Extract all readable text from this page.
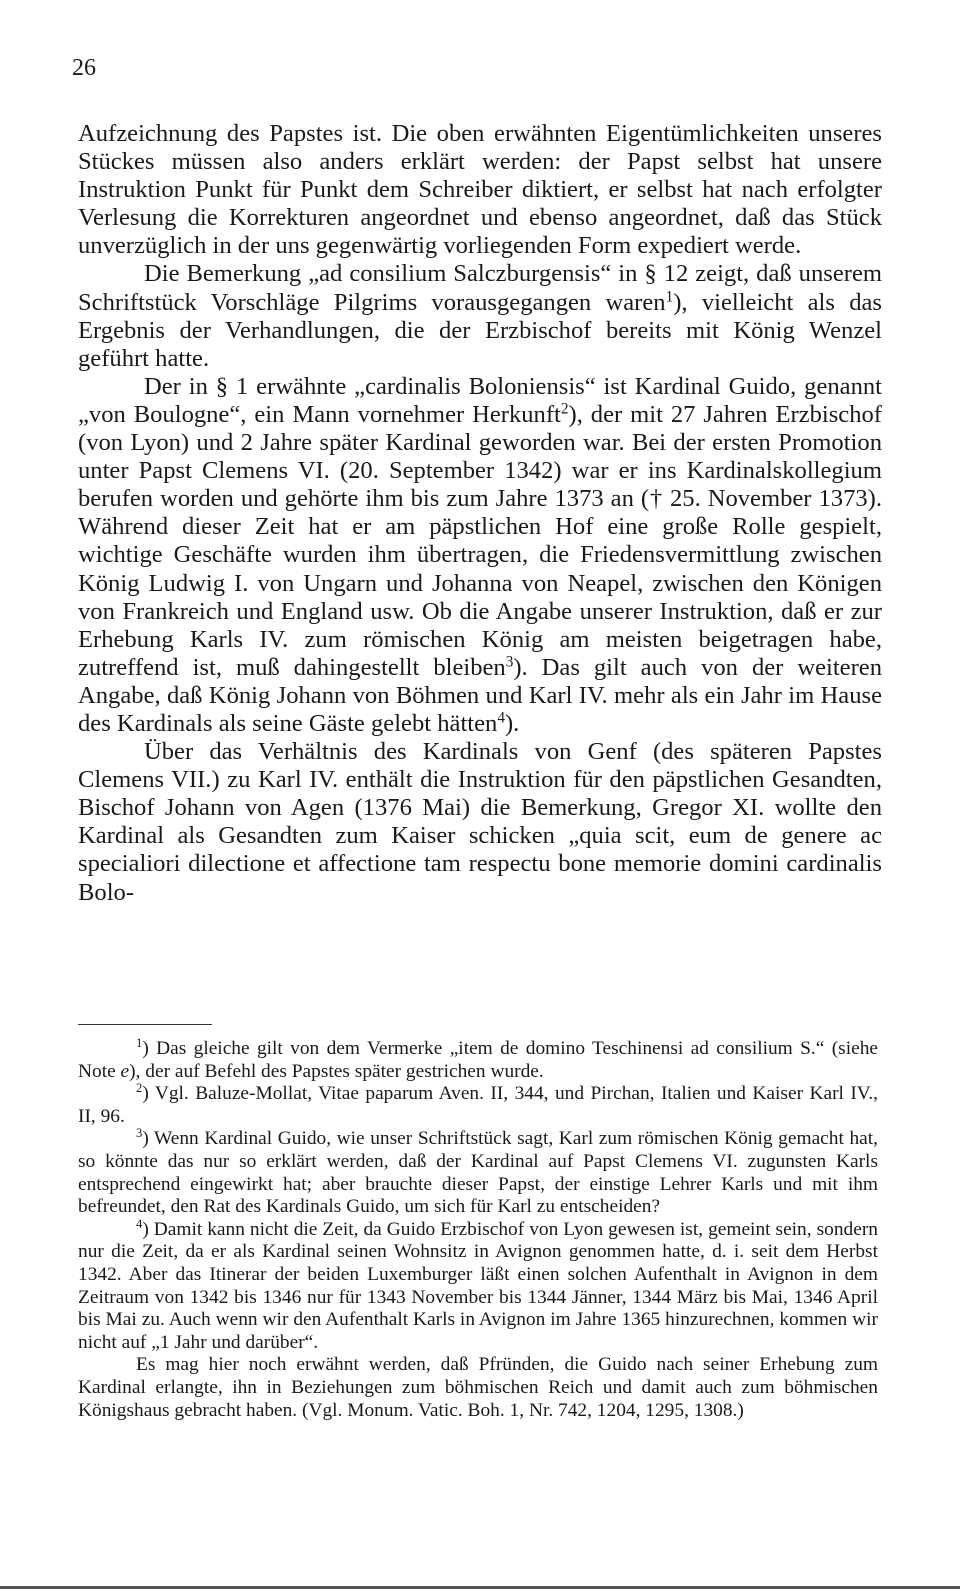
26

Aufzeichnung des Papstes ist. Die oben erwähnten Eigentümlichkeiten unseres Stückes müssen also anders erklärt werden: der Papst selbst hat unsere Instruktion Punkt für Punkt dem Schreiber diktiert, er selbst hat nach erfolgter Verlesung die Korrekturen angeordnet und ebenso angeordnet, daß das Stück unverzüglich in der uns gegenwärtig vorliegenden Form expediert werde.

Die Bemerkung „ad consilium Salczburgensis“ in § 12 zeigt, daß unserem Schriftstück Vorschläge Pilgrims vorausgegangen waren$^1$), vielleicht als das Ergebnis der Verhandlungen, die der Erzbischof bereits mit König Wenzel geführt hatte.

Der in § 1 erwähnte „cardinalis Boloniensis“ ist Kardinal Guido, genannt „von Boulogne“, ein Mann vornehmer Herkunft$^2$), der mit 27 Jahren Erzbischof (von Lyon) und 2 Jahre später Kardinal geworden war. Bei der ersten Promotion unter Papst Clemens VI. (20. September 1342) war er ins Kardinalskollegium berufen worden und gehörte ihm bis zum Jahre 1373 an († 25. November 1373). Während dieser Zeit hat er am päpstlichen Hof eine große Rolle gespielt, wichtige Geschäfte wurden ihm übertragen, die Friedensvermittlung zwischen König Ludwig I. von Ungarn und Johanna von Neapel, zwischen den Königen von Frankreich und England usw. Ob die Angabe unserer Instruktion, daß er zur Erhebung Karls IV. zum römischen König am meisten beigetragen habe, zutreffend ist, muß dahingestellt bleiben$^3$). Das gilt auch von der weiteren Angabe, daß König Johann von Böhmen und Karl IV. mehr als ein Jahr im Hause des Kardinals als seine Gäste gelebt hätten$^4$).

Über das Verhältnis des Kardinals von Genf (des späteren Papstes Clemens VII.) zu Karl IV. enthält die Instruktion für den päpstlichen Gesandten, Bischof Johann von Agen (1376 Mai) die Bemerkung, Gregor XI. wollte den Kardinal als Gesandten zum Kaiser schicken „quia scit, eum de genere ac specialiori dilectione et affectione tam respectu bone memorie domini cardinalis Bolo-

$^1$) Das gleiche gilt von dem Vermerke „item de domino Teschinensi ad consilium S.“ (siehe Note e), der auf Befehl des Papstes später gestrichen wurde.

$^2$) Vgl. Baluze-Mollat, Vitae paparum Aven. II, 344, und Pirchan, Italien und Kaiser Karl IV., II, 96.

$^3$) Wenn Kardinal Guido, wie unser Schriftstück sagt, Karl zum römischen König gemacht hat, so könnte das nur so erklärt werden, daß der Kardinal auf Papst Clemens VI. zugunsten Karls entsprechend eingewirkt hat; aber brauchte dieser Papst, der einstige Lehrer Karls und mit ihm befreundet, den Rat des Kardinals Guido, um sich für Karl zu entscheiden?

$^4$) Damit kann nicht die Zeit, da Guido Erzbischof von Lyon gewesen ist, gemeint sein, sondern nur die Zeit, da er als Kardinal seinen Wohnsitz in Avignon genommen hatte, d. i. seit dem Herbst 1342. Aber das Itinerar der beiden Luxemburger läßt einen solchen Aufenthalt in Avignon in dem Zeitraum von 1342 bis 1346 nur für 1343 November bis 1344 Jänner, 1344 März bis Mai, 1346 April bis Mai zu. Auch wenn wir den Aufenthalt Karls in Avignon im Jahre 1365 hinzurechnen, kommen wir nicht auf „1 Jahr und darüber“.

Es mag hier noch erwähnt werden, daß Pfründen, die Guido nach seiner Erhebung zum Kardinal erlangte, ihn in Beziehungen zum böhmischen Reich und damit auch zum böhmischen Königshaus gebracht haben. (Vgl. Monum. Vatic. Boh. 1, Nr. 742, 1204, 1295, 1308.)
